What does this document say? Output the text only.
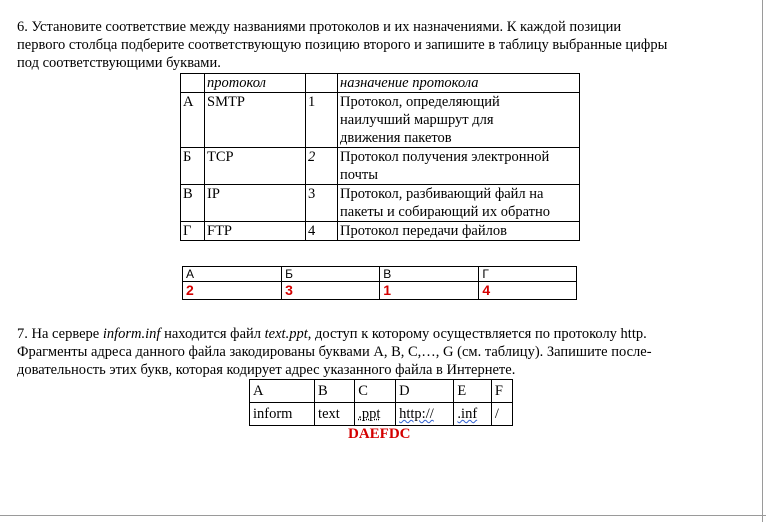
6. Установите соответствие между названиями протоколов и их назначениями. К каждой позиции
первого столбца подберите соответствующую позицию второго и запишите в таблицу выбранные цифры
под соответствующими буквами.
	протокол		назначение протокола
А	SMTP	1	Протокол, определяющий
наилучший маршрут для
движения пакетов

Б	TCP	2	Протокол получения электронной
почты

В	IP	3	Протокол, разбивающий файл на
пакеты и собирающий их обратно

Г	FTP	4	Протокол передачи файлов
А	Б	В	Г
2	3	1	4
7. На сервере inform.inf находится файл text.ppt, доступ к которому осуществляется по протоколу http.
Фрагменты адреса данного файла закодированы буквами А, В, С,…, G (см. таблицу). Запишите после-
довательность этих букв, которая кодирует адрес указанного файла в Интернете.
A	B	C	D	E	F
inform	text	.ppt	http://	.inf	/
DAEFDC
